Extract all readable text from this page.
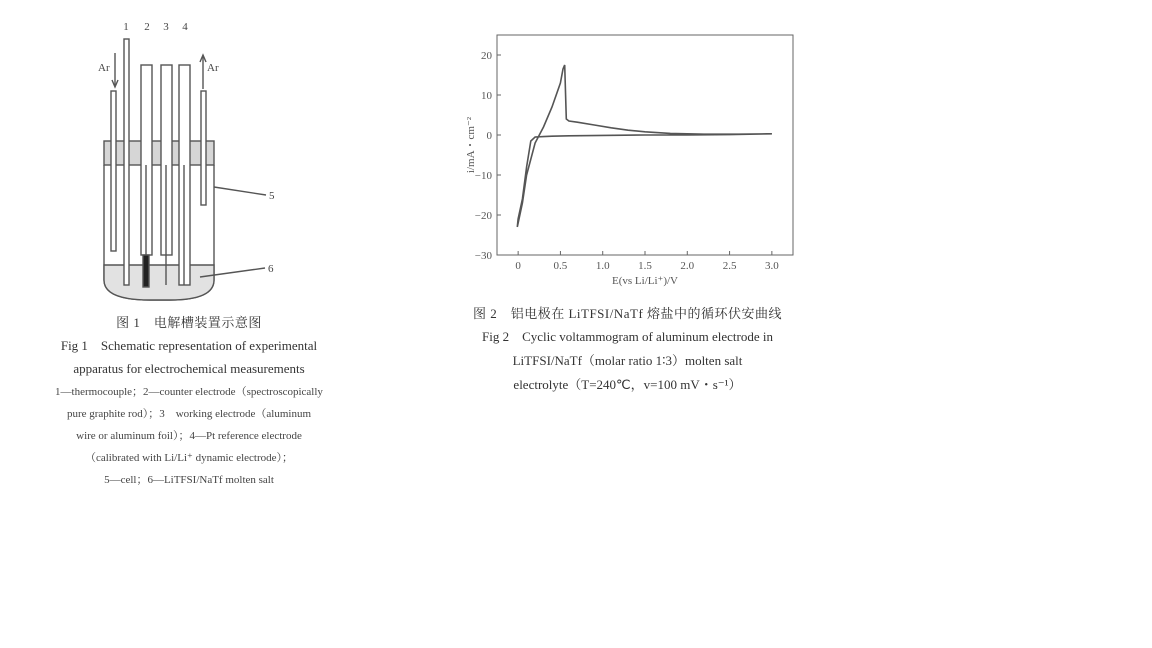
1 2 3 4
Ar	Ar
5
6
图 1　电解槽装置示意图
Fig 1　Schematic representation of experimental
apparatus for electrochemical measurements
1—thermocouple；2—counter electrode（spectroscopically
pure graphite rod）；3　working electrode（aluminum
wire or aluminum foil）；4—Pt reference electrode
（calibrated with Li/Li⁺ dynamic electrode）；
5—cell；6—LiTFSI/NaTf molten salt
0	0.5	1.0	1.5	2.0	2.5	3.0
20
10
0
−10
−20
−30
E(vs Li/Li⁺)/V
i/mA・cm⁻²
图 2　铝电极在 LiTFSI/NaTf 熔盐中的循环伏安曲线
Fig 2　Cyclic voltammogram of aluminum electrode in
LiTFSI/NaTf（molar ratio 1∶3）molten salt
electrolyte（T=240℃，v=100 mV・s⁻¹）
